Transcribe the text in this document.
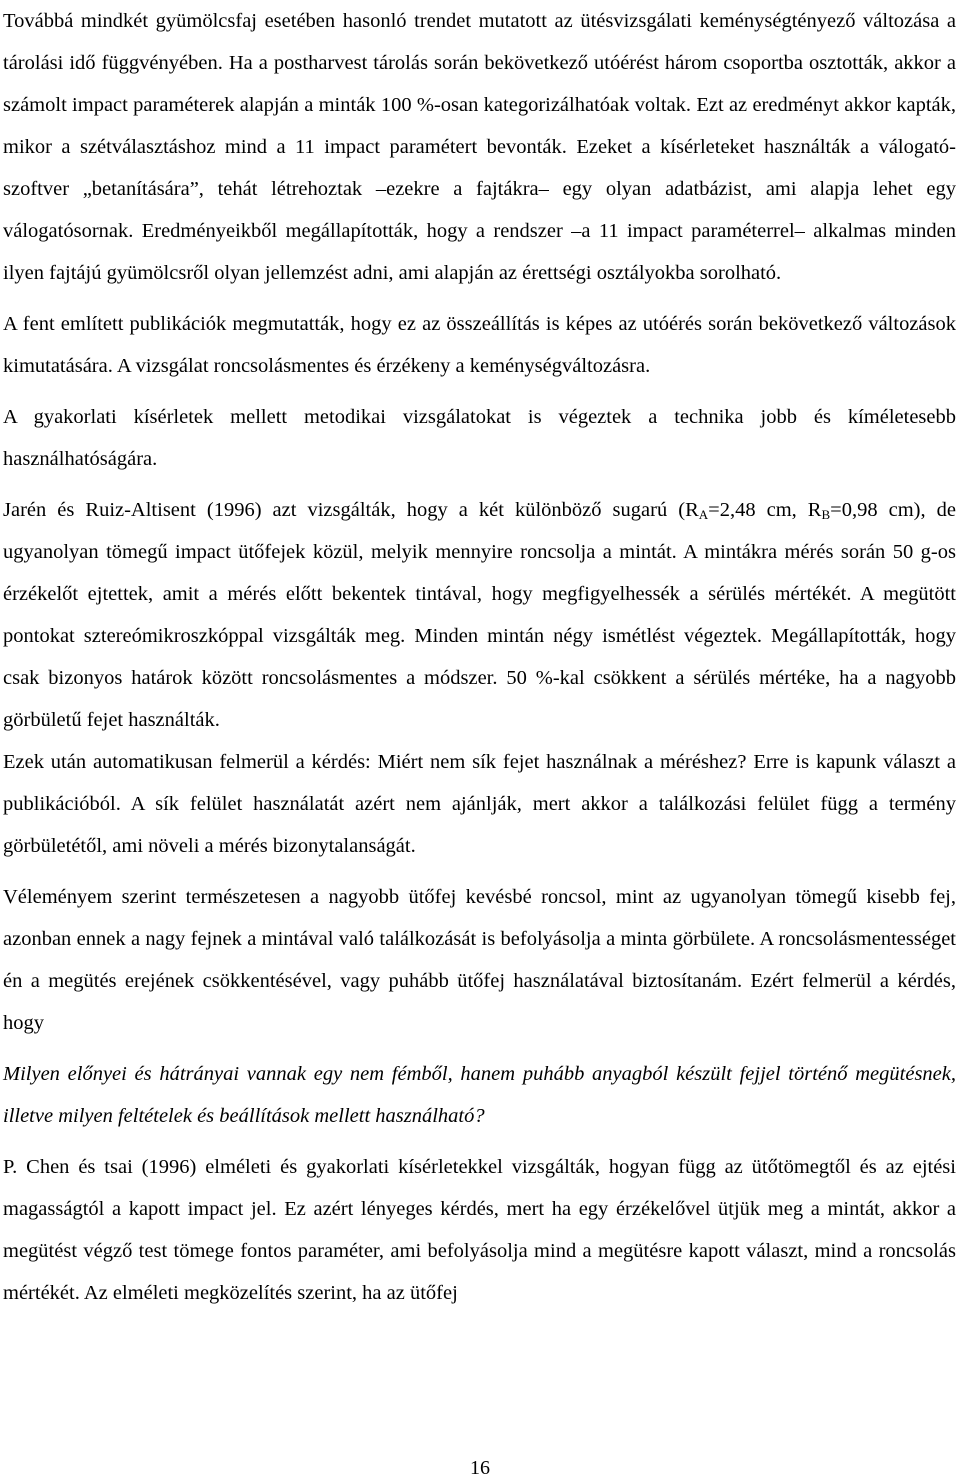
Továbbá mindkét gyümölcsfaj esetében hasonló trendet mutatott az ütésvizsgálati keménységtényező változása a tárolási idő függvényében. Ha a postharvest tárolás során bekövetkező utóérést három csoportba osztották, akkor a számolt impact paraméterek alapján a minták 100 %-osan kategorizálhatóak voltak. Ezt az eredményt akkor kapták, mikor a szétválasztáshoz mind a 11 impact paramétert bevonták. Ezeket a kísérleteket használták a válogató-szoftver „betanítására”, tehát létrehoztak –ezekre a fajtákra– egy olyan adatbázist, ami alapja lehet egy válogatósornak. Eredményeikből megállapították, hogy a rendszer –a 11 impact paraméterrel– alkalmas minden ilyen fajtájú gyümölcsről olyan jellemzést adni, ami alapján az érettségi osztályokba sorolható.

A fent említett publikációk megmutatták, hogy ez az összeállítás is képes az utóérés során bekövetkező változások kimutatására. A vizsgálat roncsolásmentes és érzékeny a keménységváltozásra.

A gyakorlati kísérletek mellett metodikai vizsgálatokat is végeztek a technika jobb és kíméletesebb használhatóságára.

Jarén és Ruiz-Altisent (1996) azt vizsgálták, hogy a két különböző sugarú ($R_A=2,48$ cm, $R_B=0,98$ cm), de ugyanolyan tömegű impact ütőfejek közül, melyik mennyire roncsolja a mintát. A mintákra mérés során 50 g-os érzékelőt ejtettek, amit a mérés előtt bekentek tintával, hogy megfigyelhessék a sérülés mértékét. A megütött pontokat sztereómikroszkóppal vizsgálták meg. Minden mintán négy ismétlést végeztek. Megállapították, hogy csak bizonyos határok között roncsolásmentes a módszer. 50 %-kal csökkent a sérülés mértéke, ha a nagyobb görbületű fejet használták.

Ezek után automatikusan felmerül a kérdés: Miért nem sík fejet használnak a méréshez? Erre is kapunk választ a publikációból. A sík felület használatát azért nem ajánlják, mert akkor a találkozási felület függ a termény görbületétől, ami növeli a mérés bizonytalanságát.

Véleményem szerint természetesen a nagyobb ütőfej kevésbé roncsol, mint az ugyanolyan tömegű kisebb fej, azonban ennek a nagy fejnek a mintával való találkozását is befolyásolja a minta görbülete. A roncsolásmentességet én a megütés erejének csökkentésével, vagy puhább ütőfej használatával biztosítanám. Ezért felmerül a kérdés, hogy

Milyen előnyei és hátrányai vannak egy nem fémből, hanem puhább anyagból készült fejjel történő megütésnek, illetve milyen feltételek és beállítások mellett használható?

P. Chen és tsai (1996) elméleti és gyakorlati kísérletekkel vizsgálták, hogyan függ az ütőtömegtől és az ejtési magasságtól a kapott impact jel. Ez azért lényeges kérdés, mert ha egy érzékelővel ütjük meg a mintát, akkor a megütést végző test tömege fontos paraméter, ami befolyásolja mind a megütésre kapott választ, mind a roncsolás mértékét. Az elméleti megközelítés szerint, ha az ütőfej

16
